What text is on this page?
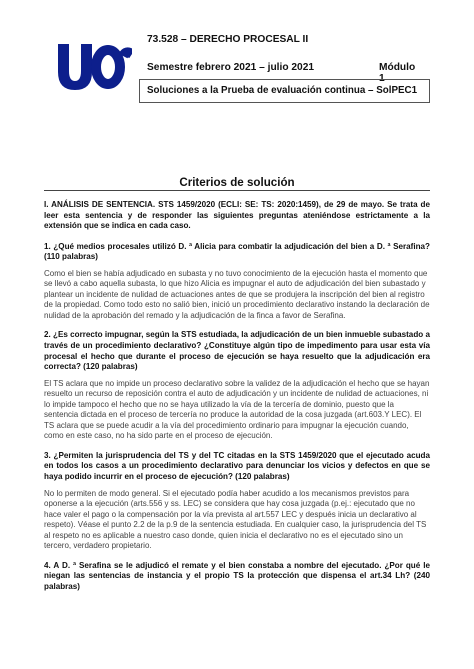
73.528 – DERECHO PROCESAL II
Semestre febrero 2021 – julio 2021	Módulo 1
Soluciones a la Prueba de evaluación continua – SolPEC1
Criterios de solución

I. ANÁLISIS DE SENTENCIA. STS 1459/2020 (ECLI: SE: TS: 2020:1459), de 29 de mayo. Se trata de leer esta sentencia y de responder las siguientes preguntas ateniéndose estrictamente a la extensión que se indica en cada caso.

1. ¿Qué medios procesales utilizó D. ª Alicia para combatir la adjudicación del bien a D. ª Serafina? (110 palabras)

Como el bien se había adjudicado en subasta y no tuvo conocimiento de la ejecución hasta el momento que se llevó a cabo aquella subasta, lo que hizo Alicia es impugnar el auto de adjudicación del bien subastado y plantear un incidente de nulidad de actuaciones antes de que se produjera la inscripción del bien al registro de la propiedad. Como todo esto no salió bien, inició un procedimiento declarativo instando la declaración de nulidad de la aprobación del remado y la adjudicación de la finca a favor de Serafina.

2. ¿Es correcto impugnar, según la STS estudiada, la adjudicación de un bien inmueble subastado a través de un procedimiento declarativo? ¿Constituye algún tipo de impedimento para usar esta vía procesal el hecho que durante el proceso de ejecución se haya resuelto que la adjudicación era correcta? (120 palabras)

El TS aclara que no impide un proceso declarativo sobre la validez de la adjudicación el hecho que se hayan resuelto un recurso de reposición contra el auto de adjudicación y un incidente de nulidad de actuaciones, ni lo impide tampoco el hecho que no se haya utilizado la vía de la tercería de dominio, puesto que la sentencia dictada en el proceso de tercería no produce la autoridad de la cosa juzgada (art.603.Y LEC). El TS aclara que se puede acudir a la vía del procedimiento ordinario para impugnar la ejecución cuando, como en este caso, no ha sido parte en el proceso de ejecución.

3. ¿Permiten la jurisprudencia del TS y del TC citadas en la STS 1459/2020 que el ejecutado acuda en todos los casos a un procedimiento declarativo para denunciar los vicios y defectos en que se haya podido incurrir en el proceso de ejecución? (120 palabras)

No lo permiten de modo general. Si el ejecutado podía haber acudido a los mecanismos previstos para oponerse a la ejecución (arts.556 y ss. LEC) se considera que hay cosa juzgada (p.ej.: ejecutado que no hace valer el pago o la compensación por la vía prevista al art.557 LEC y después inicia un declarativo al respeto). Véase el punto 2.2 de la p.9 de la sentencia estudiada. En cualquier caso, la jurisprudencia del TS al respeto no es aplicable a nuestro caso donde, quien inicia el declarativo no es el ejecutado sino un tercero, verdadero propietario.

4. A D. ª Serafina se le adjudicó el remate y el bien constaba a nombre del ejecutado. ¿Por qué le niegan las sentencias de instancia y el propio TS la protección que dispensa el art.34 Lh? (240 palabras)
